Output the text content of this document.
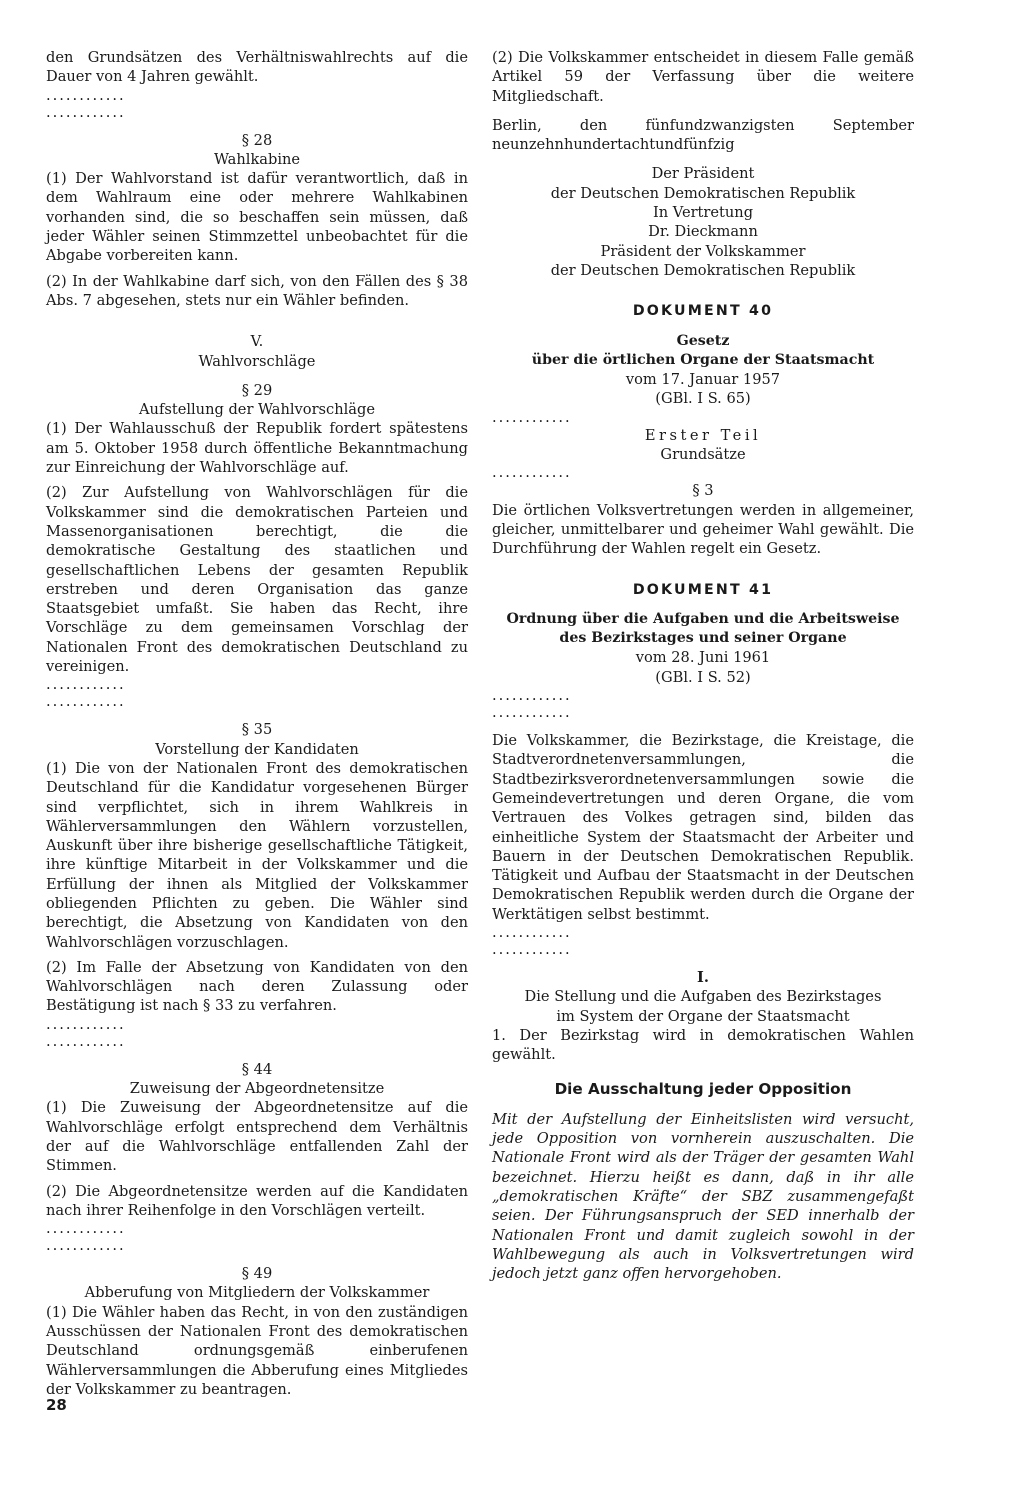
den Grundsätzen des Verhältniswahlrechts auf die Dauer von 4 Jahren gewählt.

............

............

§ 28

Wahlkabine

(1) Der Wahlvorstand ist dafür verantwortlich, daß in dem Wahlraum eine oder mehrere Wahlkabinen vorhanden sind, die so beschaffen sein müssen, daß jeder Wähler seinen Stimmzettel unbeobachtet für die Abgabe vorbereiten kann.

(2) In der Wahlkabine darf sich, von den Fällen des § 38 Abs. 7 abgesehen, stets nur ein Wähler befinden.

V.

Wahlvorschläge

§ 29

Aufstellung der Wahlvorschläge

(1) Der Wahlausschuß der Republik fordert spätestens am 5. Oktober 1958 durch öffentliche Bekanntmachung zur Einreichung der Wahlvorschläge auf.

(2) Zur Aufstellung von Wahlvorschlägen für die Volkskammer sind die demokratischen Parteien und Massenorganisationen berechtigt, die die demokratische Gestaltung des staatlichen und gesellschaftlichen Lebens der gesamten Republik erstreben und deren Organisation das ganze Staatsgebiet umfaßt. Sie haben das Recht, ihre Vorschläge zu dem gemeinsamen Vorschlag der Nationalen Front des demokratischen Deutschland zu vereinigen.

............

............

§ 35

Vorstellung der Kandidaten

(1) Die von der Nationalen Front des demokratischen Deutschland für die Kandidatur vorgesehenen Bürger sind verpflichtet, sich in ihrem Wahlkreis in Wählerversammlungen den Wählern vorzustellen, Auskunft über ihre bisherige gesellschaftliche Tätigkeit, ihre künftige Mitarbeit in der Volkskammer und die Erfüllung der ihnen als Mitglied der Volkskammer obliegenden Pflichten zu geben. Die Wähler sind berechtigt, die Absetzung von Kandidaten von den Wahlvorschlägen vorzuschlagen.

(2) Im Falle der Absetzung von Kandidaten von den Wahlvorschlägen nach deren Zulassung oder Bestätigung ist nach § 33 zu verfahren.

............

............

§ 44

Zuweisung der Abgeordnetensitze

(1) Die Zuweisung der Abgeordnetensitze auf die Wahlvorschläge erfolgt entsprechend dem Verhältnis der auf die Wahlvorschläge entfallenden Zahl der Stimmen.

(2) Die Abgeordnetensitze werden auf die Kandidaten nach ihrer Reihenfolge in den Vorschlägen verteilt.

............

............

§ 49

Abberufung von Mitgliedern der Volkskammer

(1) Die Wähler haben das Recht, in von den zuständigen Ausschüssen der Nationalen Front des demokratischen Deutschland ordnungsgemäß einberufenen Wählerversammlungen die Abberufung eines Mitgliedes der Volkskammer zu beantragen.

(2) Die Volkskammer entscheidet in diesem Falle gemäß Artikel 59 der Verfassung über die weitere Mitgliedschaft.

Berlin, den fünfundzwanzigsten September neunzehnhundertachtundfünfzig

Der Präsident

der Deutschen Demokratischen Republik

In Vertretung

Dr. Dieckmann

Präsident der Volkskammer

der Deutschen Demokratischen Republik

DOKUMENT 40

Gesetz

über die örtlichen Organe der Staatsmacht

vom 17. Januar 1957

(GBl. I S. 65)

............

Erster Teil

Grundsätze

............

§ 3

Die örtlichen Volksvertretungen werden in allgemeiner, gleicher, unmittelbarer und geheimer Wahl gewählt. Die Durchführung der Wahlen regelt ein Gesetz.

DOKUMENT 41

Ordnung über die Aufgaben und die Arbeitsweise

des Bezirkstages und seiner Organe

vom 28. Juni 1961

(GBl. I S. 52)

............

............

Die Volkskammer, die Bezirkstage, die Kreistage, die Stadtverordnetenversammlungen, die Stadtbezirksverordnetenversammlungen sowie die Gemeindevertretungen und deren Organe, die vom Vertrauen des Volkes getragen sind, bilden das einheitliche System der Staatsmacht der Arbeiter und Bauern in der Deutschen Demokratischen Republik. Tätigkeit und Aufbau der Staatsmacht in der Deutschen Demokratischen Republik werden durch die Organe der Werktätigen selbst bestimmt.

............

............

I.

Die Stellung und die Aufgaben des Bezirkstages

im System der Organe der Staatsmacht

1. Der Bezirkstag wird in demokratischen Wahlen gewählt.

Die Ausschaltung jeder Opposition

Mit der Aufstellung der Einheitslisten wird versucht, jede Opposition von vornherein auszuschalten. Die Nationale Front wird als der Träger der gesamten Wahl bezeichnet. Hierzu heißt es dann, daß in ihr alle „demokratischen Kräfte“ der SBZ zusammengefaßt seien. Der Führungsanspruch der SED innerhalb der Nationalen Front und damit zugleich sowohl in der Wahlbewegung als auch in Volksvertretungen wird jedoch jetzt ganz offen hervorgehoben.

28
